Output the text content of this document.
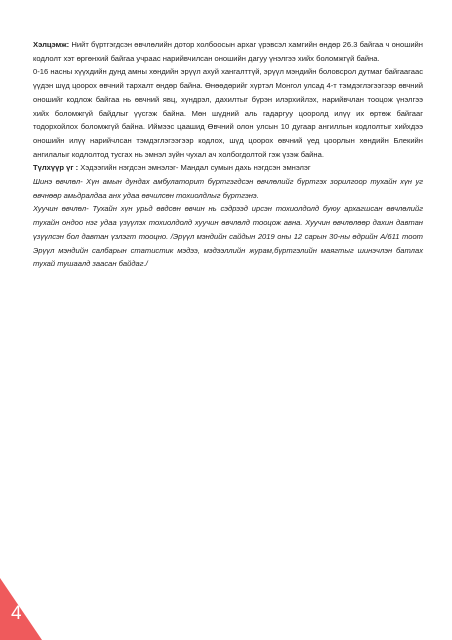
Хэлцэмж: Нийт бүртгэгдсэн өвчлөлийн дотор холбоосын архаг үрэвсэл хамгийн өндөр 26.3 байгаа ч оношийн кодлолт хэт өргөнхий байгаа учраас нарийвчилсан оношийн дагуу үнэлгээ хийх боломжгүй байна.

0-16 насны хүүхдийн дунд амны хөндийн эрүүл ахуй хангалттүй, эрүүл мэндийн боловсрол дутмаг байгаагаас үүдэн шүд цоорох өвчний тархалт өндөр байна. Өнөөдөрийг хүртэл Монгол улсад 4-т тэмдэглэгээгээр өвчний оношийг кодлож байгаа нь өвчний явц, хүндрэл, дахилтыг бүрэн илэрхийлэх, нарийвчлан тооцож үнэлгээ хийх боломжгүй байдлыг үүсгэж байна. Мөн шүдний аль гадаргуу цооролд илүү их өртөж байгааг тодорхойлох боломжгүй байна. Иймээс цаашид Өвчний олон улсын 10 дугаар ангиллын кодлолтыг хийхдээ оношийн илүү нарийчлсан тэмдэглэгээгээр кодлох, шүд цоорох өвчний үед цоорлын хөндийн Блекийн ангилалыг кодлолтод тусгах нь эмнэл зүйн чухал ач холбогдолтой гэж үзэж байна.

Түлхүүр үг : Хэдээгийн нэгдсэн эмнэлэг- Мандал сумын дахь нэгдсэн эмнэлэг

Шинэ өвчлөл- Хүн амын дундах амбулаторит бүртгэгдсэн өвчлөлийг бүртгэх зорилгоор тухайн хүн уг өвчнөөр амьдралдаа анх удаа өвчилсөн тохиолдлыг бүртгэнэ.

Хуучин өвчлөл- Тухайн хүн урьд өвдсөн өвчин нь сэдрээд ирсэн тохиолдолд буюу архагшсан өвчлөлийг тухайн ондоо нэг удаа үзүүлэх тохиолдолд хуучин өвчлөлд тооцож авна. Хуучин өвчлөлөөр дахин давтан үзүүлсэн бол давтан үзлэгт тооцно. /Эрүүл мэндийн сайдын 2019 оны 12 сарын 30-ны өдрийн А/611 тоот Эрүүл мэндийн салбарын статистик мэдээ, мэдээллийн журам,бүртгэлийн маягтыг шинэчлэн батлах тухай тушаалд заасан байдаг./

4
